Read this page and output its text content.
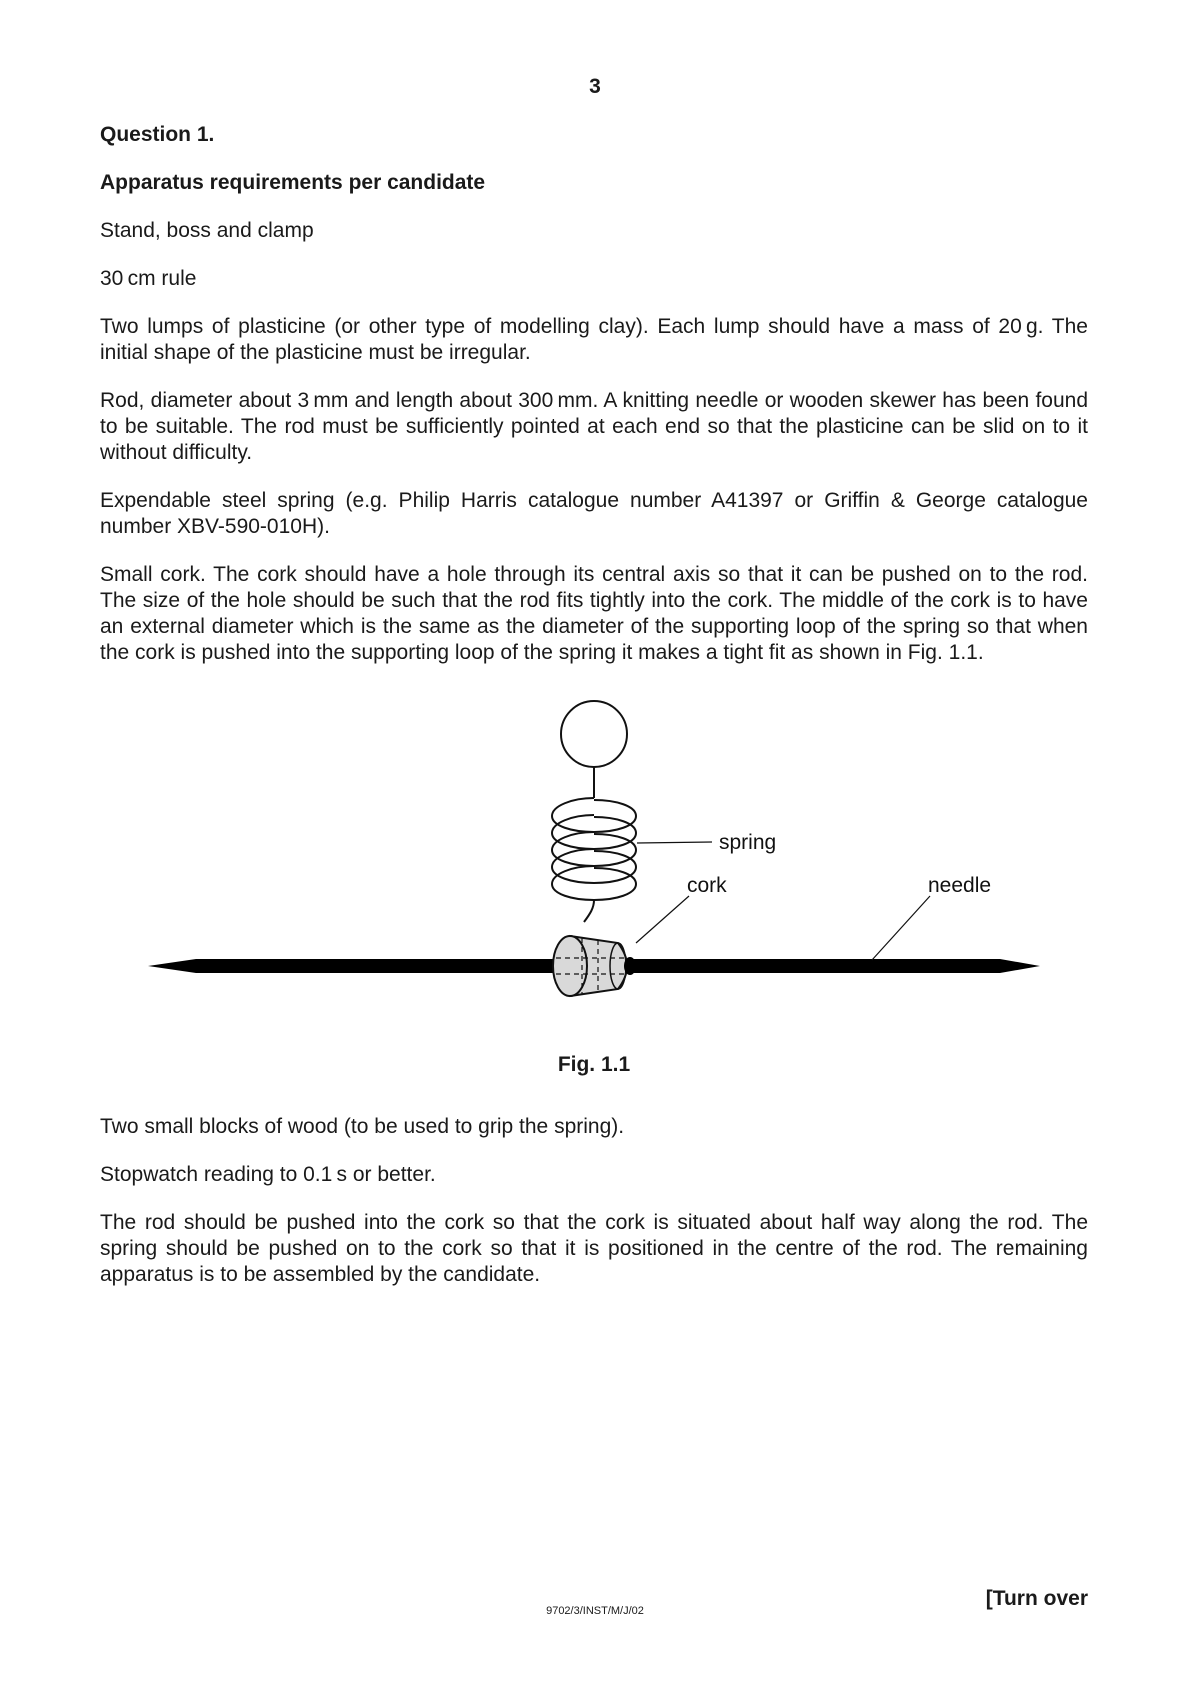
3

Question 1.

Apparatus requirements per candidate

Stand, boss and clamp

30 cm rule

Two lumps of plasticine (or other type of modelling clay). Each lump should have a mass of 20 g. The initial shape of the plasticine must be irregular.

Rod, diameter about 3 mm and length about 300 mm. A knitting needle or wooden skewer has been found to be suitable. The rod must be sufficiently pointed at each end so that the plasticine can be slid on to it without difficulty.

Expendable steel spring (e.g. Philip Harris catalogue number A41397 or Griffin & George catalogue number XBV-590-010H).

Small cork. The cork should have a hole through its central axis so that it can be pushed on to the rod. The size of the hole should be such that the rod fits tightly into the cork. The middle of the cork is to have an external diameter which is the same as the diameter of the supporting loop of the spring so that when the cork is pushed into the supporting loop of the spring it makes a tight fit as shown in Fig. 1.1.

spring
cork	needle
Fig. 1.1

Two small blocks of wood (to be used to grip the spring).

Stopwatch reading to 0.1 s or better.

The rod should be pushed into the cork so that the cork is situated about half way along the rod. The spring should be pushed on to the cork so that it is positioned in the centre of the rod. The remaining apparatus is to be assembled by the candidate.

9702/3/INST/M/J/02
[Turn over
